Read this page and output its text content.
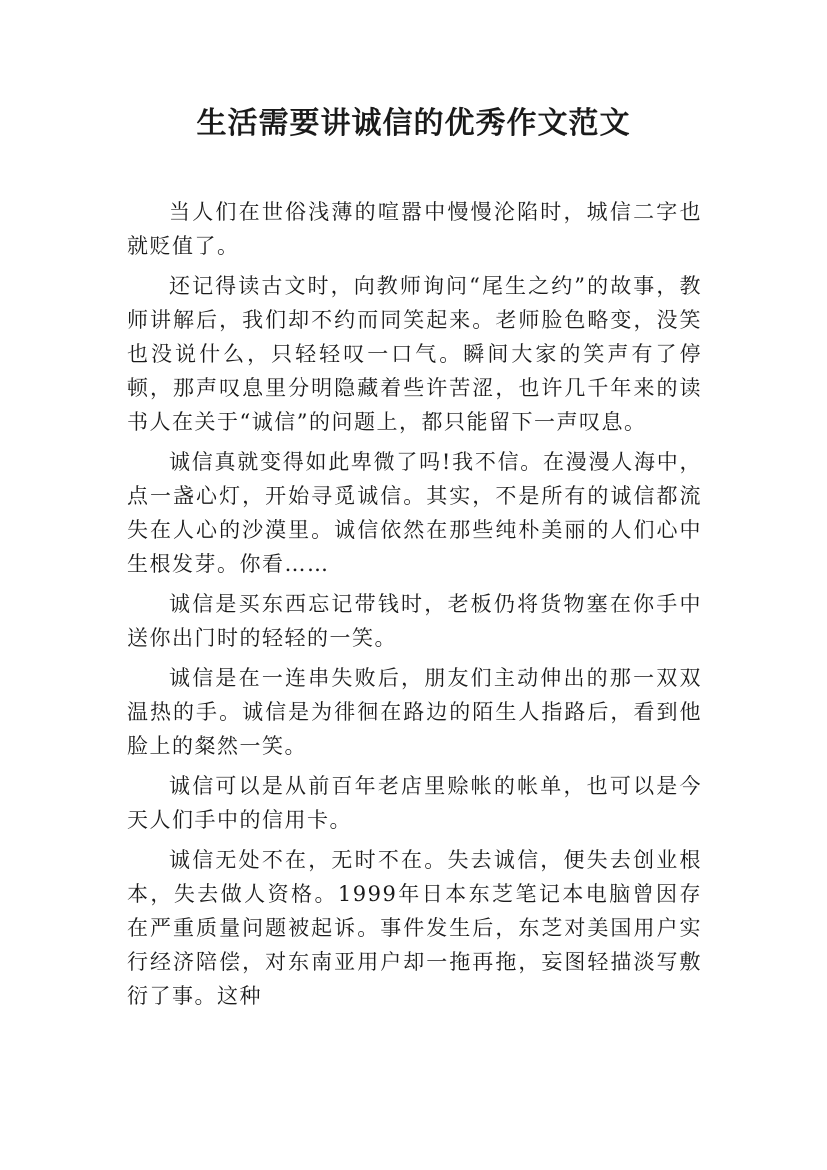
生活需要讲诚信的优秀作文范文

当人们在世俗浅薄的喧嚣中慢慢沦陷时，城信二字也就贬值了。

还记得读古文时，向教师询问“尾生之约”的故事，教师讲解后，我们却不约而同笑起来。老师脸色略变，没笑也没说什么，只轻轻叹一口气。瞬间大家的笑声有了停顿，那声叹息里分明隐藏着些许苦涩，也许几千年来的读书人在关于“诚信”的问题上，都只能留下一声叹息。

诚信真就变得如此卑微了吗!我不信。在漫漫人海中，点一盏心灯，开始寻觅诚信。其实，不是所有的诚信都流失在人心的沙漠里。诚信依然在那些纯朴美丽的人们心中生根发芽。你看……

诚信是买东西忘记带钱时，老板仍将货物塞在你手中送你出门时的轻轻的一笑。

诚信是在一连串失败后，朋友们主动伸出的那一双双温热的手。诚信是为徘徊在路边的陌生人指路后，看到他脸上的粲然一笑。

诚信可以是从前百年老店里赊帐的帐单，也可以是今天人们手中的信用卡。

诚信无处不在，无时不在。失去诚信，便失去创业根本，失去做人资格。1999年日本东芝笔记本电脑曾因存在严重质量问题被起诉。事件发生后，东芝对美国用户实行经济陪偿，对东南亚用户却一拖再拖，妄图轻描淡写敷衍了事。这种
